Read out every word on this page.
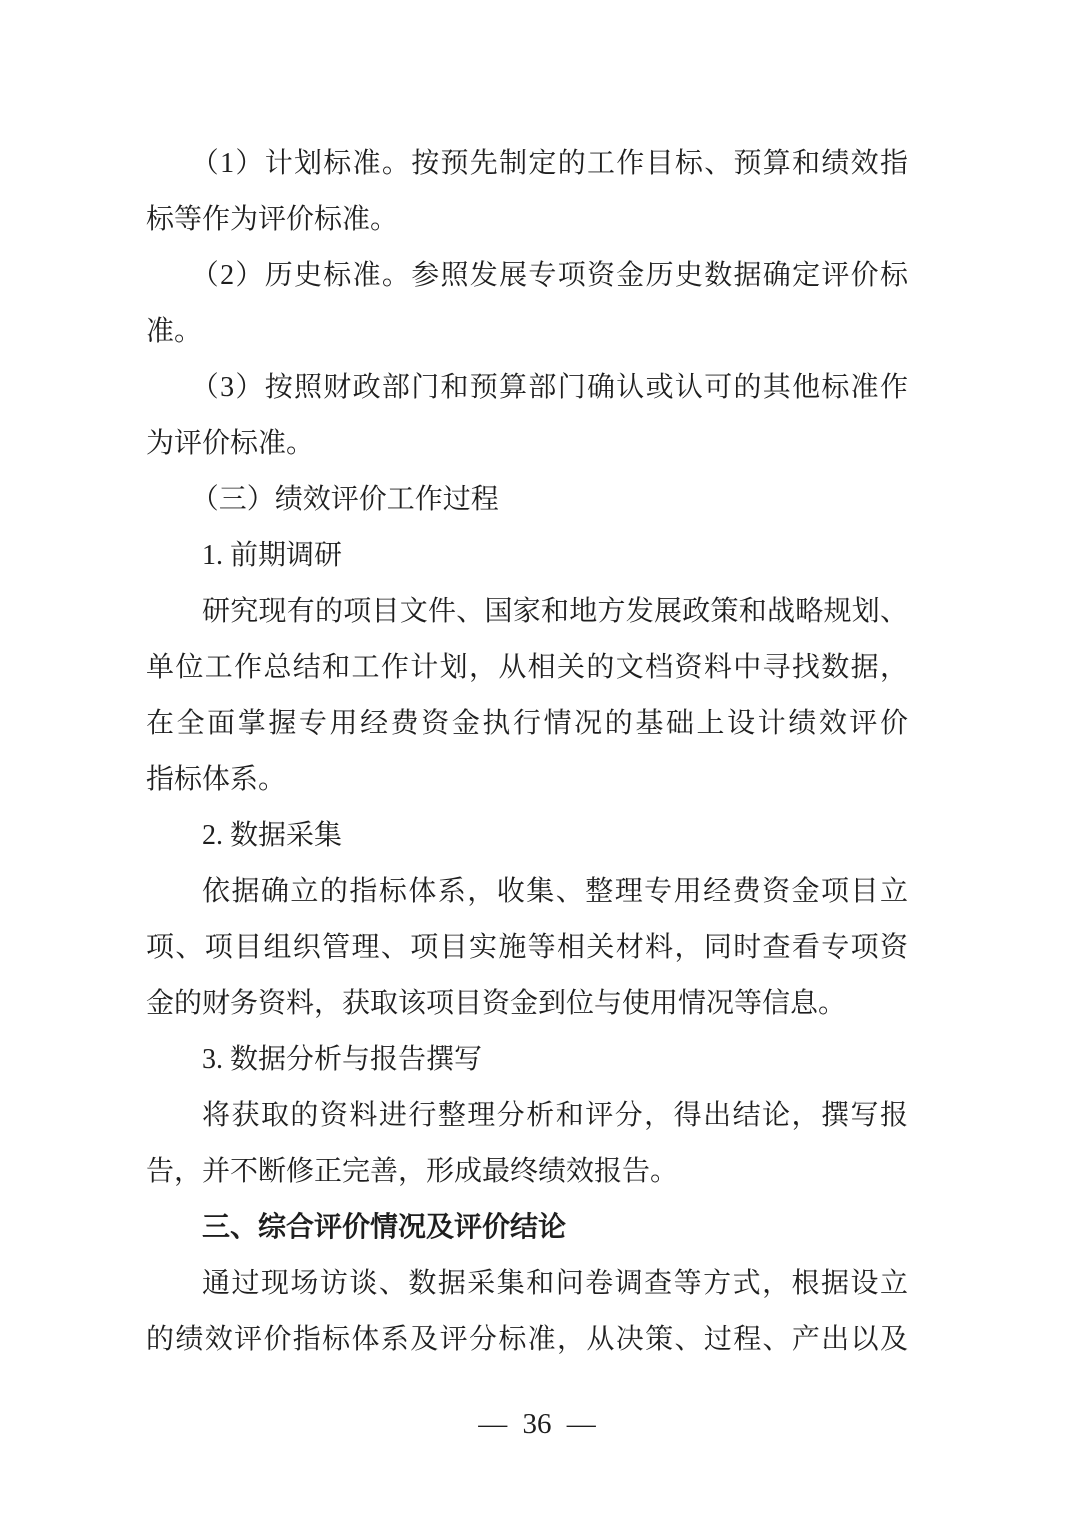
（1）计划标准。按预先制定的工作目标、预算和绩效指
标等作为评价标准。
（2）历史标准。参照发展专项资金历史数据确定评价标
准。
（3）按照财政部门和预算部门确认或认可的其他标准作
为评价标准。
（三）绩效评价工作过程
1. 前期调研
研究现有的项目文件、国家和地方发展政策和战略规划、
单位工作总结和工作计划，从相关的文档资料中寻找数据，
在全面掌握专用经费资金执行情况的基础上设计绩效评价
指标体系。
2. 数据采集
依据确立的指标体系，收集、整理专用经费资金项目立
项、项目组织管理、项目实施等相关材料，同时查看专项资
金的财务资料，获取该项目资金到位与使用情况等信息。
3. 数据分析与报告撰写
将获取的资料进行整理分析和评分，得出结论，撰写报
告，并不断修正完善，形成最终绩效报告。
三、综合评价情况及评价结论
通过现场访谈、数据采集和问卷调查等方式，根据设立
的绩效评价指标体系及评分标准，从决策、过程、产出以及
— 36 —
